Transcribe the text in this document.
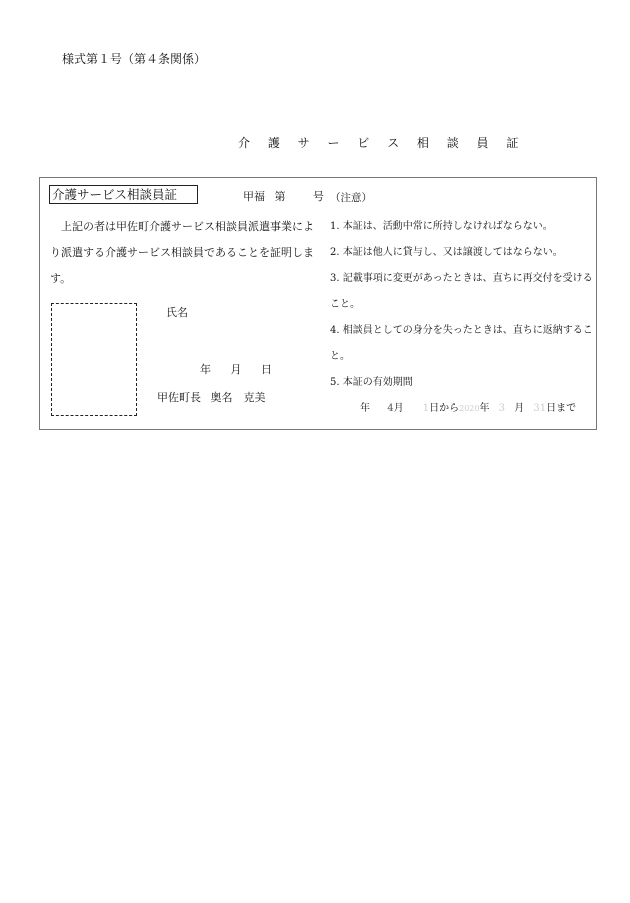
様式第１号（第４条関係）
介 護 サ ー ビ ス 相 談 員 証
介護サービス相談員証	甲福 第	号
上記の者は甲佐町介護サービス相談員派遣事業により派遣する介護サービス相談員であることを証明します。
氏名
年 月 日
甲佐町長 奥名　克美
（注意）
1. 本証は、活動中常に所持しなければならない。
2. 本証は他人に貸与し、又は譲渡してはならない。
3. 記載事項に変更があったときは、直ちに再交付を受ける
こと。
4. 相談員としての身分を失ったときは、直ちに返納するこ
と。
5. 本証の有効期間
年 4月 1日から2020年 3 月 31日まで
